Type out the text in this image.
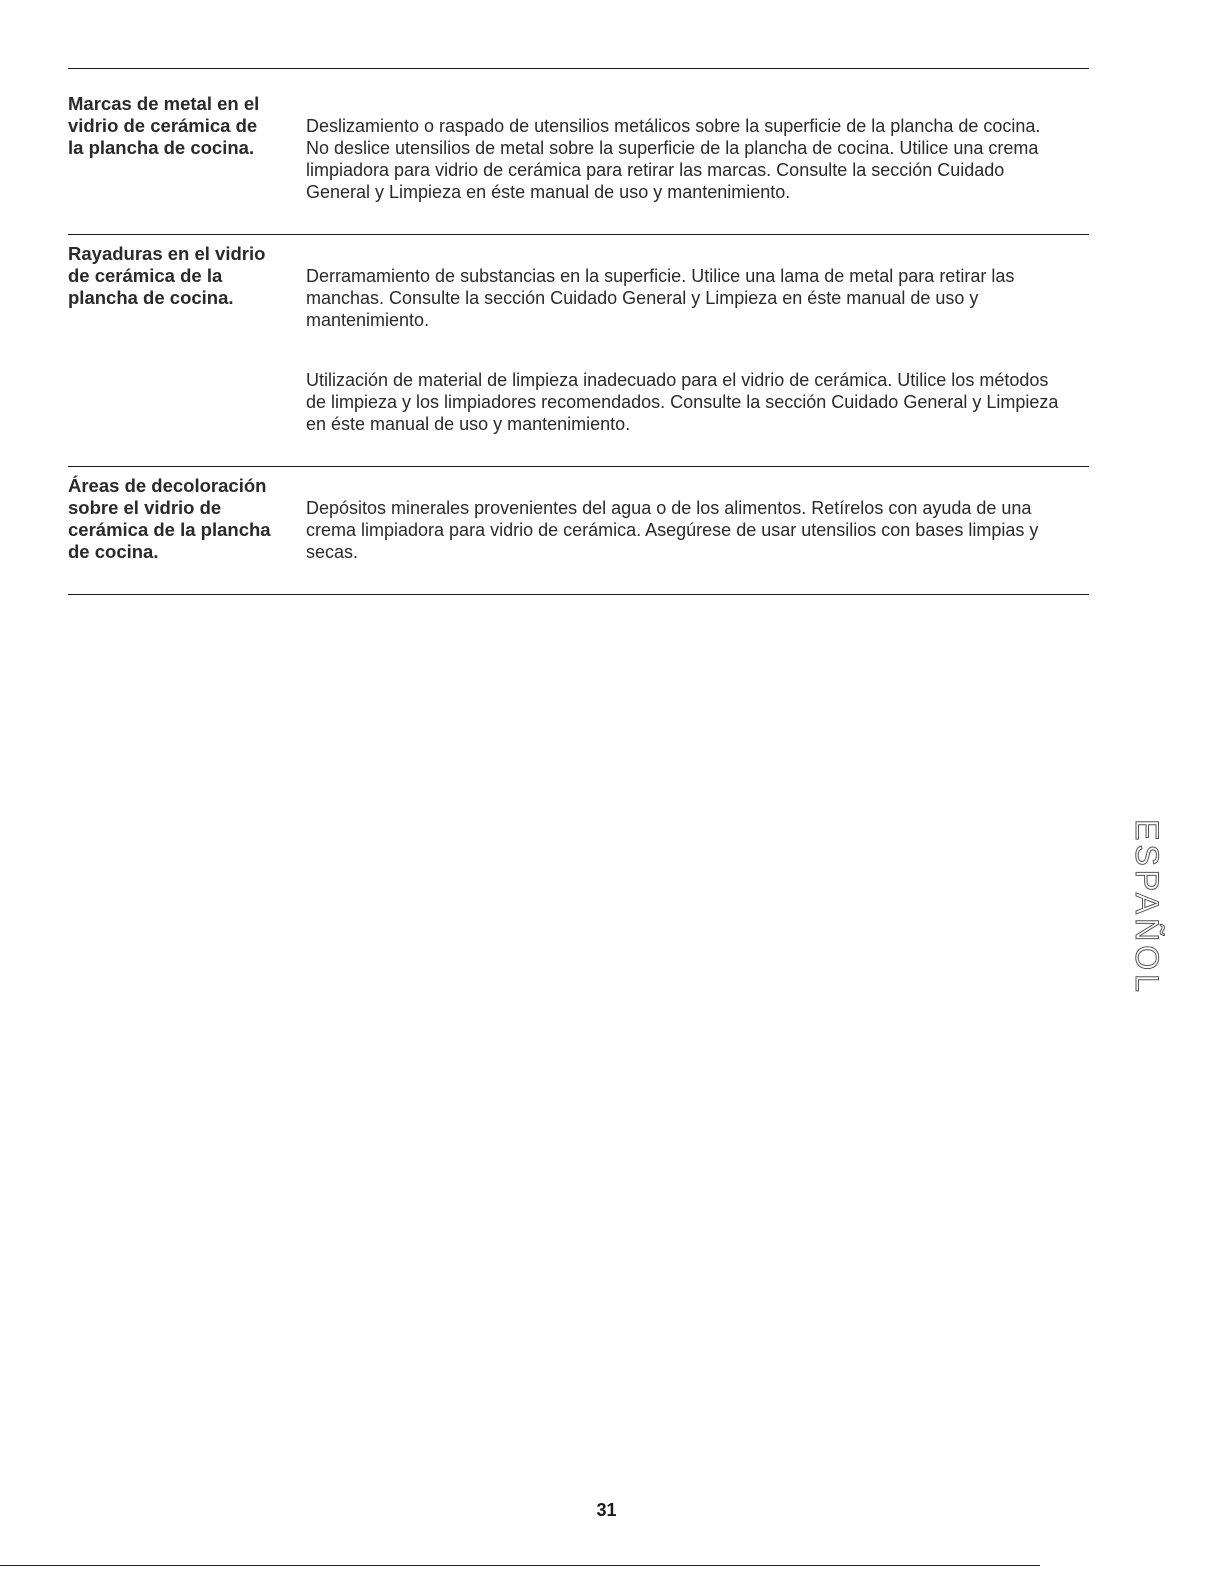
Marcas de metal en el
vidrio de cerámica de
la plancha de cocina.

Deslizamiento o raspado de utensilios metálicos sobre la superficie de la plancha de cocina.
No deslice utensilios de metal sobre la superficie de la plancha de cocina. Utilice una crema
limpiadora para vidrio de cerámica para retirar las marcas. Consulte la sección Cuidado
General y Limpieza en éste manual de uso y mantenimiento.

Rayaduras en el vidrio
de cerámica de la
plancha de cocina.

Derramamiento de substancias en la superficie. Utilice una lama de metal para retirar las
manchas. Consulte la sección Cuidado General y Limpieza en éste manual de uso y
mantenimiento.

Utilización de material de limpieza inadecuado para el vidrio de cerámica. Utilice los métodos
de limpieza y los limpiadores recomendados. Consulte la sección Cuidado General y Limpieza
en éste manual de uso y mantenimiento.

Áreas de decoloración
sobre el vidrio de
cerámica de la plancha
de cocina.

Depósitos minerales provenientes del agua o de los alimentos. Retírelos con ayuda de una
crema limpiadora para vidrio de cerámica. Asegúrese de usar utensilios con bases limpias y
secas.

ESPAÑOL
31
